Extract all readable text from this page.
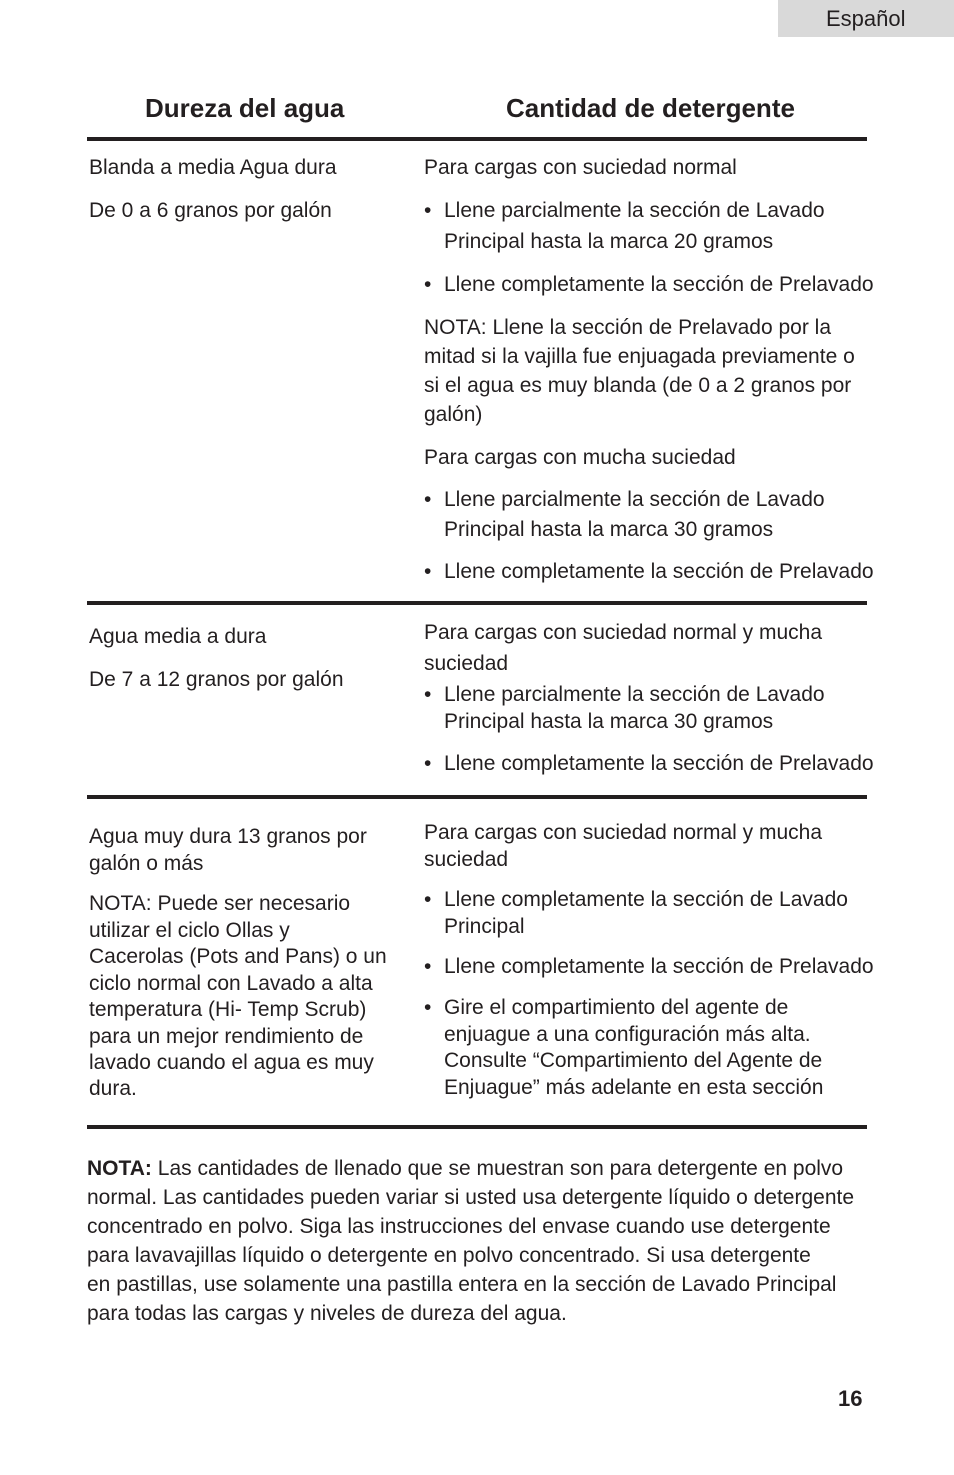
Español
Dureza del agua	Cantidad de detergente
Blanda a media Agua dura
De 0 a 6 granos por galón
Para cargas con suciedad normal
• Llene parcialmente la sección de Lavado
Principal hasta la marca 20 gramos
• Llene completamente la sección de Prelavado
NOTA: Llene la sección de Prelavado por la
mitad si la vajilla fue enjuagada previamente o
si el agua es muy blanda (de 0 a 2 granos por
galón)
Para cargas con mucha suciedad
• Llene parcialmente la sección de Lavado
Principal hasta la marca 30 gramos
• Llene completamente la sección de Prelavado
Agua media a dura
De 7 a 12 granos por galón
Para cargas con suciedad normal y mucha
suciedad
• Llene parcialmente la sección de Lavado
Principal hasta la marca 30 gramos
• Llene completamente la sección de Prelavado
Agua muy dura 13 granos por
galón o más
NOTA: Puede ser necesario
utilizar el ciclo Ollas y
Cacerolas (Pots and Pans) o un
ciclo normal con Lavado a alta
temperatura (Hi- Temp Scrub)
para un mejor rendimiento de
lavado cuando el agua es muy
dura.
Para cargas con suciedad normal y mucha
suciedad
• Llene completamente la sección de Lavado
Principal
• Llene completamente la sección de Prelavado
• Gire el compartimiento del agente de
enjuague a una configuración más alta.
Consulte “Compartimiento del Agente de
Enjuague” más adelante en esta sección
NOTA: Las cantidades de llenado que se muestran son para detergente en polvo
normal. Las cantidades pueden variar si usted usa detergente líquido o detergente
concentrado en polvo. Siga las instrucciones del envase cuando use detergente
para lavavajillas líquido o detergente en polvo concentrado. Si usa detergente
en pastillas, use solamente una pastilla entera en la sección de Lavado Principal
para todas las cargas y niveles de dureza del agua.
16
